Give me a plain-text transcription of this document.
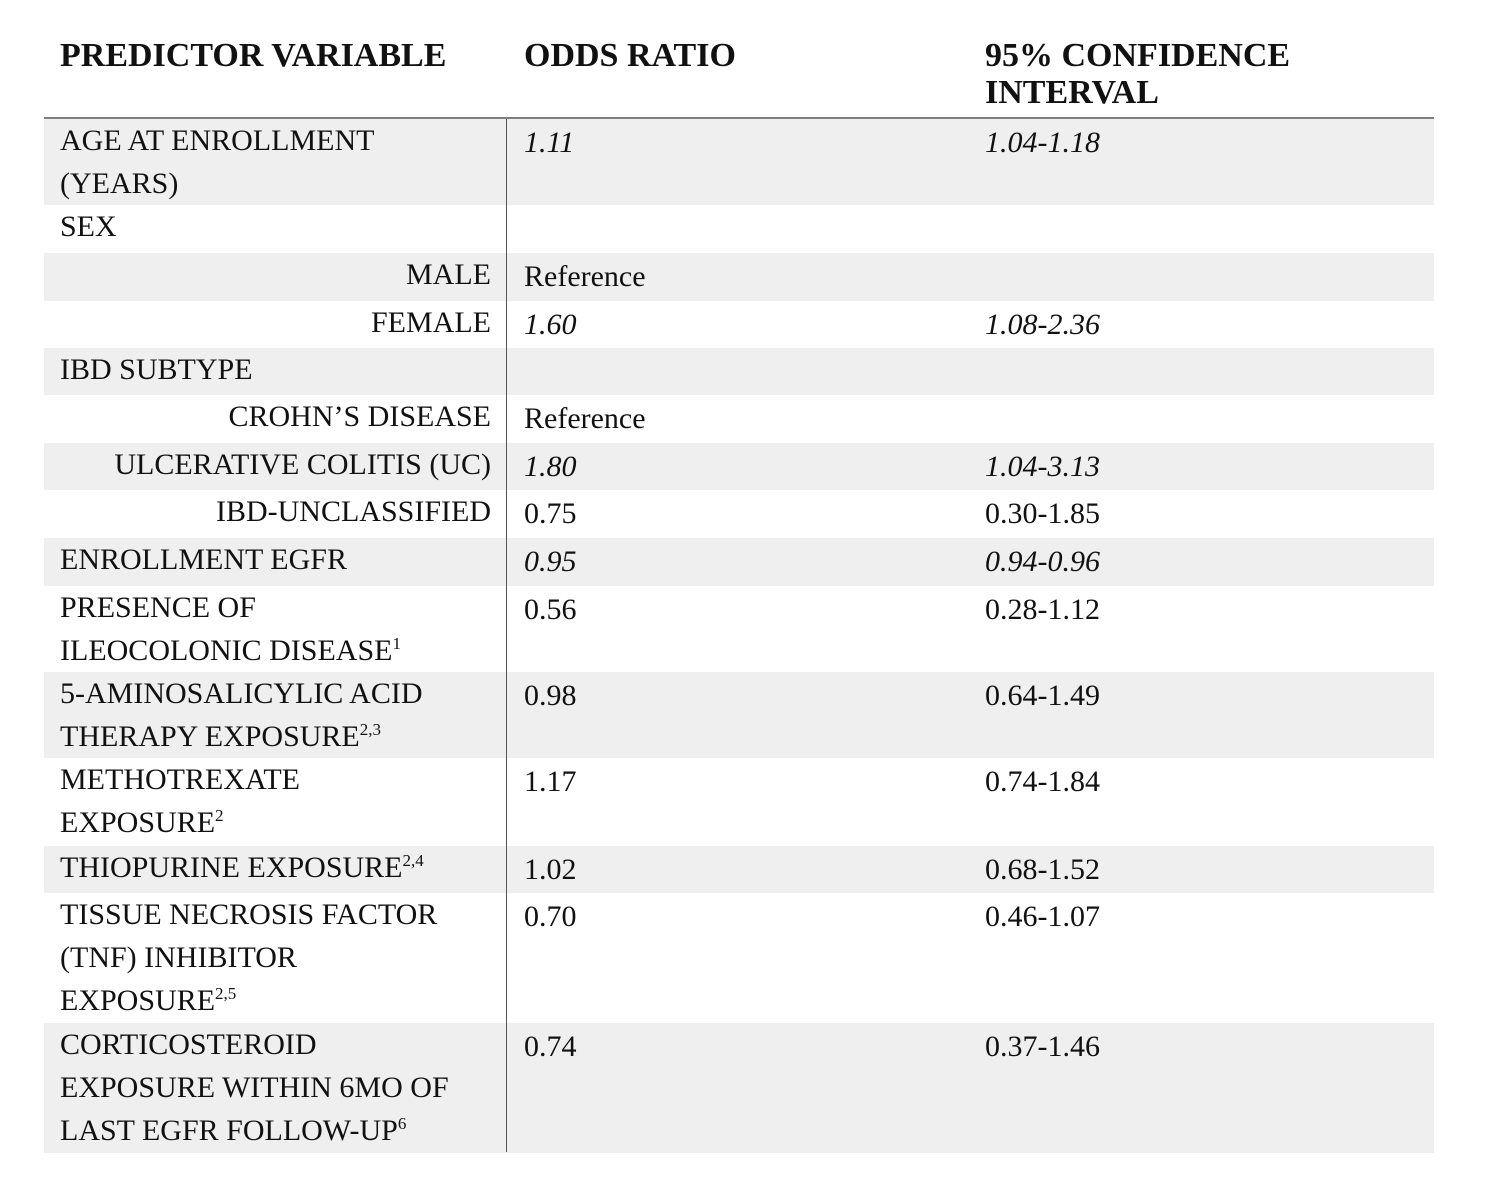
PREDICTOR VARIABLE ODDS RATIO	95% CONFIDENCE
INTERVAL
AGE AT ENROLLMENT
(YEARS)
1.11	1.04-1.18
SEX
MALE Reference
FEMALE 1.60	1.08-2.36
IBD SUBTYPE
CROHN’S DISEASE Reference
ULCERATIVE COLITIS (UC) 1.80	1.04-3.13
IBD-UNCLASSIFIED 0.75	0.30-1.85
ENROLLMENT EGFR	0.95	0.94-0.96
PRESENCE OF
ILEOCOLONIC DISEASE$^1$
0.56	0.28-1.12
5-AMINOSALICYLIC ACID
THERAPY EXPOSURE$^{2,3}$
0.98	0.64-1.49
METHOTREXATE
EXPOSURE$^2$
1.17	0.74-1.84
THIOPURINE EXPOSURE$^{2,4}$	1.02	0.68-1.52
TISSUE NECROSIS FACTOR
(TNF) INHIBITOR
EXPOSURE$^{2,5}$
0.70	0.46-1.07
CORTICOSTEROID
EXPOSURE WITHIN 6MO OF
LAST EGFR FOLLOW-$UP^6$
0.74	0.37-1.46
